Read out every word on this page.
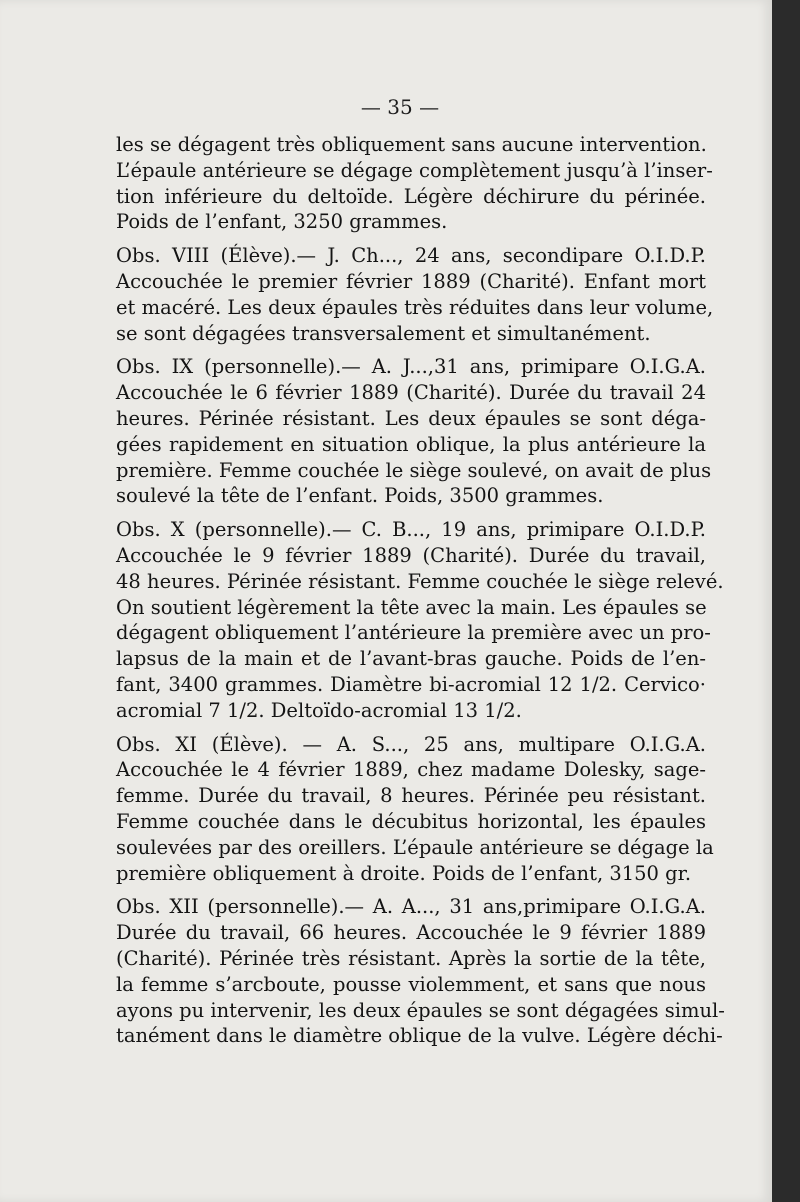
— 35 —
les se dégagent très obliquement sans aucune intervention.
L’épaule antérieure se dégage complètement jusqu’à l’inser-
tion inférieure du deltoïde. Légère déchirure du périnée.
Poids de l’enfant, 3250 grammes.
Obs. VIII (Élève).— J. Ch..., 24 ans, secondipare O.I.D.P.
Accouchée le premier février 1889 (Charité). Enfant mort
et macéré. Les deux épaules très réduites dans leur volume,
se sont dégagées transversalement et simultanément.
Obs. IX (personnelle).— A. J...,31 ans, primipare O.I.G.A.
Accouchée le 6 février 1889 (Charité). Durée du travail 24
heures. Périnée résistant. Les deux épaules se sont déga-
gées rapidement en situation oblique, la plus antérieure la
première. Femme couchée le siège soulevé, on avait de plus
soulevé la tête de l’enfant. Poids, 3500 grammes.
Obs. X (personnelle).— C. B..., 19 ans, primipare O.I.D.P.
Accouchée le 9 février 1889 (Charité). Durée du travail,
48 heures. Périnée résistant. Femme couchée le siège relevé.
On soutient légèrement la tête avec la main. Les épaules se
dégagent obliquement l’antérieure la première avec un pro-
lapsus de la main et de l’avant-bras gauche. Poids de l’en-
fant, 3400 grammes. Diamètre bi-acromial 12 1/2. Cervico·
acromial 7 1/2. Deltoïdo-acromial 13 1/2.
Obs. XI (Élève). — A. S..., 25 ans, multipare O.I.G.A.
Accouchée le 4 février 1889, chez madame Dolesky, sage-
femme. Durée du travail, 8 heures. Périnée peu résistant.
Femme couchée dans le décubitus horizontal, les épaules
soulevées par des oreillers. L’épaule antérieure se dégage la
première obliquement à droite. Poids de l’enfant, 3150 gr.
Obs. XII (personnelle).— A. A..., 31 ans,primipare O.I.G.A.
Durée du travail, 66 heures. Accouchée le 9 février 1889
(Charité). Périnée très résistant. Après la sortie de la tête,
la femme s’arcboute, pousse violemment, et sans que nous
ayons pu intervenir, les deux épaules se sont dégagées simul-
tanément dans le diamètre oblique de la vulve. Légère déchi-
